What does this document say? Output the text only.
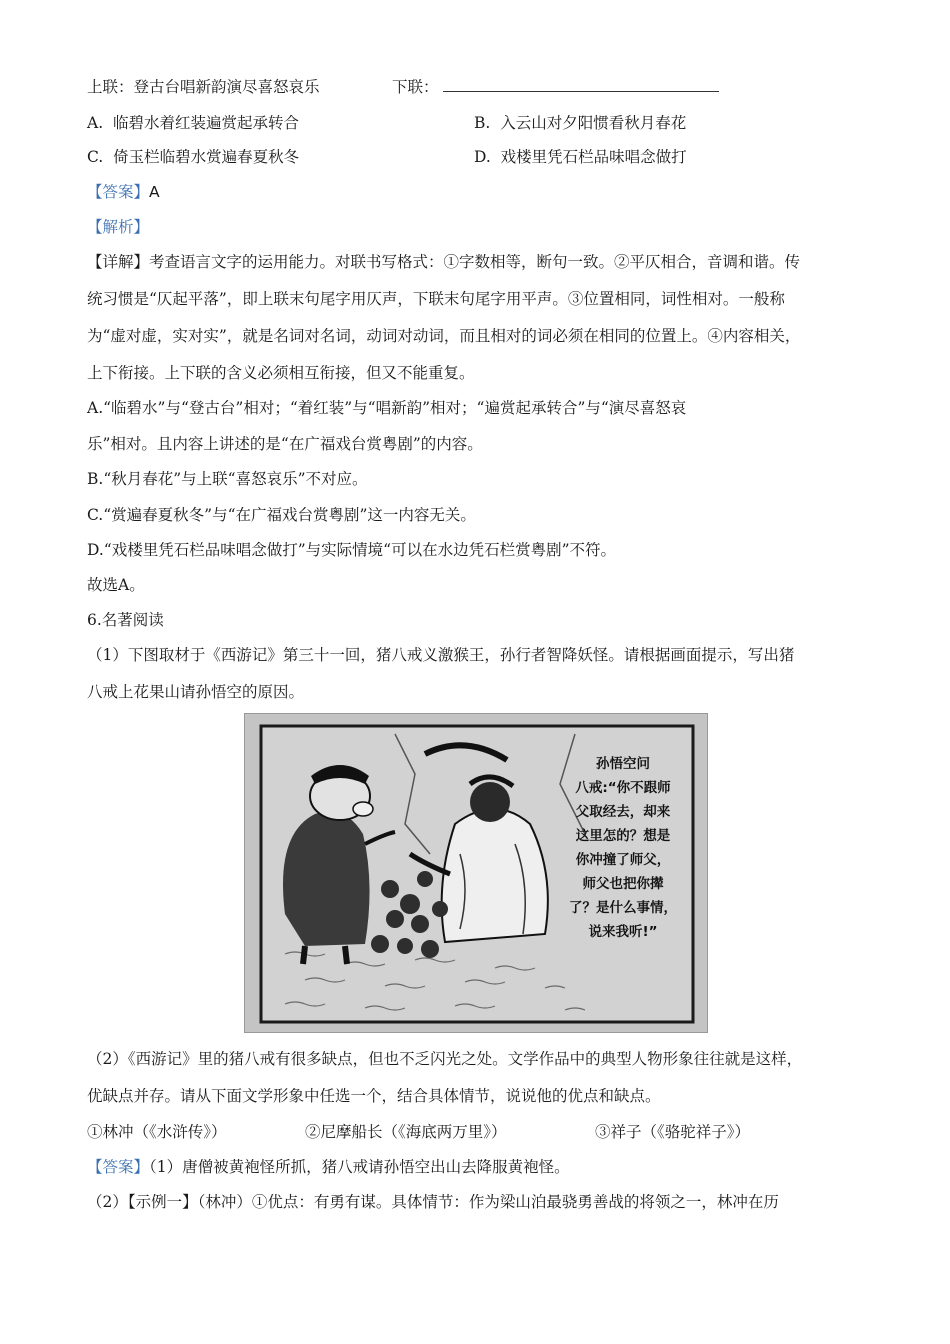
上联：登古台唱新韵演尽喜怒哀乐	下联：
A. 临碧水着红装遍赏起承转合	B. 入云山对夕阳惯看秋月春花
C. 倚玉栏临碧水赏遍春夏秋冬	D. 戏楼里凭石栏品味唱念做打
【答案】A
【解析】
【详解】考查语言文字的运用能力。对联书写格式：①字数相等，断句一致。②平仄相合，音调和谐。传
统习惯是“仄起平落”，即上联末句尾字用仄声，下联末句尾字用平声。③位置相同，词性相对。一般称
为“虚对虚，实对实”，就是名词对名词，动词对动词，而且相对的词必须在相同的位置上。④内容相关，
上下衔接。上下联的含义必须相互衔接，但又不能重复。
A.“临碧水”与“登古台”相对；“着红装”与“唱新韵”相对；“遍赏起承转合”与“演尽喜怒哀
乐”相对。且内容上讲述的是“在广福戏台赏粤剧”的内容。
B.“秋月春花”与上联“喜怒哀乐”不对应。
C.“赏遍春夏秋冬”与“在广福戏台赏粤剧”这一内容无关。
D.“戏楼里凭石栏品味唱念做打”与实际情境“可以在水边凭石栏赏粤剧”不符。
故选A。
6.名著阅读
（1）下图取材于《西游记》第三十一回，猪八戒义激猴王，孙行者智降妖怪。请根据画面提示，写出猪
八戒上花果山请孙悟空的原因。
孙悟空问
八戒:“你不跟师
父取经去，却来
这里怎的？想是
你冲撞了师父，
师父也把你撵
了？是什么事情，
说来我听!”
（2）《西游记》里的猪八戒有很多缺点，但也不乏闪光之处。文学作品中的典型人物形象往往就是这样，
优缺点并存。请从下面文学形象中任选一个，结合具体情节，说说他的优点和缺点。
①林冲（《水浒传》）	②尼摩船长（《海底两万里》）	③祥子（《骆驼祥子》）
【答案】（1）唐僧被黄袍怪所抓，猪八戒请孙悟空出山去降服黄袍怪。
（2）【示例一】（林冲）①优点：有勇有谋。具体情节：作为梁山泊最骁勇善战的将领之一，林冲在历
